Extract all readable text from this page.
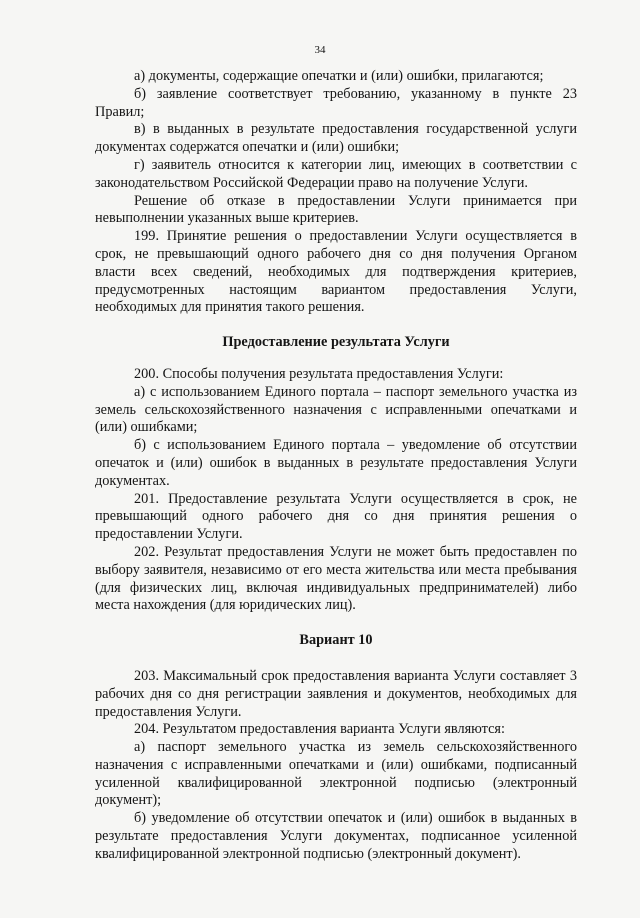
34

а) документы, содержащие опечатки и (или) ошибки, прилагаются;

б) заявление соответствует требованию, указанному в пункте 23

Правил;

в) в выданных в результате предоставления государственной услуги документах содержатся опечатки и (или) ошибки;

г) заявитель относится к категории лиц, имеющих в соответствии с законодательством Российской Федерации право на получение Услуги.

Решение об отказе в предоставлении Услуги принимается при невыполнении указанных выше критериев.

199. Принятие решения о предоставлении Услуги осуществляется в срок, не превышающий одного рабочего дня со дня получения Органом власти всех сведений, необходимых для подтверждения критериев, предусмотренных настоящим вариантом предоставления Услуги, необходимых для принятия такого решения.

Предоставление результата Услуги

200. Способы получения результата предоставления Услуги:

а) с использованием Единого портала – паспорт земельного участка из земель сельскохозяйственного назначения с исправленными опечатками и (или) ошибками;

б) с использованием Единого портала – уведомление об отсутствии опечаток и (или) ошибок в выданных в результате предоставления Услуги документах.

201. Предоставление результата Услуги осуществляется в срок, не превышающий одного рабочего дня со дня принятия решения о предоставлении Услуги.

202. Результат предоставления Услуги не может быть предоставлен по выбору заявителя, независимо от его места жительства или места пребывания (для физических лиц, включая индивидуальных предпринимателей) либо места нахождения (для юридических лиц).

Вариант 10

203. Максимальный срок предоставления варианта Услуги составляет 3 рабочих дня со дня регистрации заявления и документов, необходимых для предоставления Услуги.

204. Результатом предоставления варианта Услуги являются:

а) паспорт земельного участка из земель сельскохозяйственного назначения с исправленными опечатками и (или) ошибками, подписанный усиленной квалифицированной электронной подписью (электронный документ);

б) уведомление об отсутствии опечаток и (или) ошибок в выданных в результате предоставления Услуги документах, подписанное усиленной квалифицированной электронной подписью (электронный документ).
